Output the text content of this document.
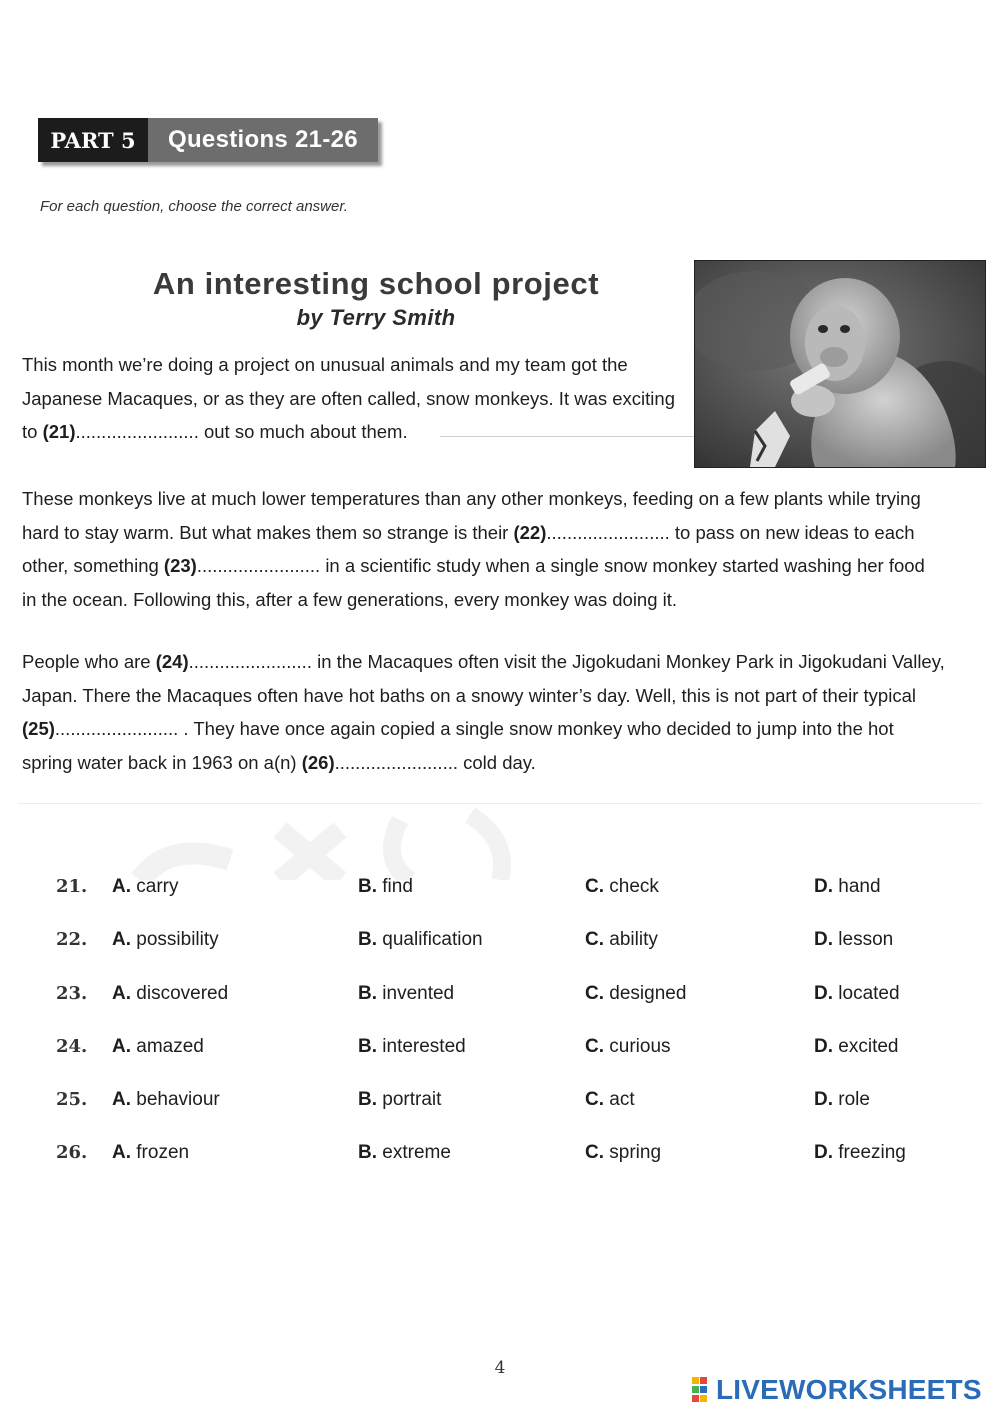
PART 5	Questions 21-26
For each question, choose the correct answer.
An interesting school project
by Terry Smith
This month we’re doing a project on unusual animals and my team got the
Japanese Macaques, or as they are often called, snow monkeys. It was exciting
to (21)........................ out so much about them.
These monkeys live at much lower temperatures than any other monkeys, feeding on a few plants while trying
hard to stay warm. But what makes them so strange is their (22)........................ to pass on new ideas to each
other, something (23)........................ in a scientific study when a single snow monkey started washing her food
in the ocean. Following this, after a few generations, every monkey was doing it.
People who are (24)........................ in the Macaques often visit the Jigokudani Monkey Park in Jigokudani Valley,
Japan. There the Macaques often have hot baths on a snowy winter’s day. Well, this is not part of their typical
(25)........................ . They have once again copied a single snow monkey who decided to jump into the hot
spring water back in 1963 on a(n) (26)........................ cold day.
21. A. carry	B. find	C. check	D. hand
22. A. possibility	B. qualification	C. ability	D. lesson
23. A. discovered	B. invented	C. designed	D. located
24. A. amazed	B. interested	C. curious	D. excited
25. A. behaviour	B. portrait	C. act	D. role
26. A. frozen	B. extreme	C. spring	D. freezing
4
LIVEWORKSHEETS
